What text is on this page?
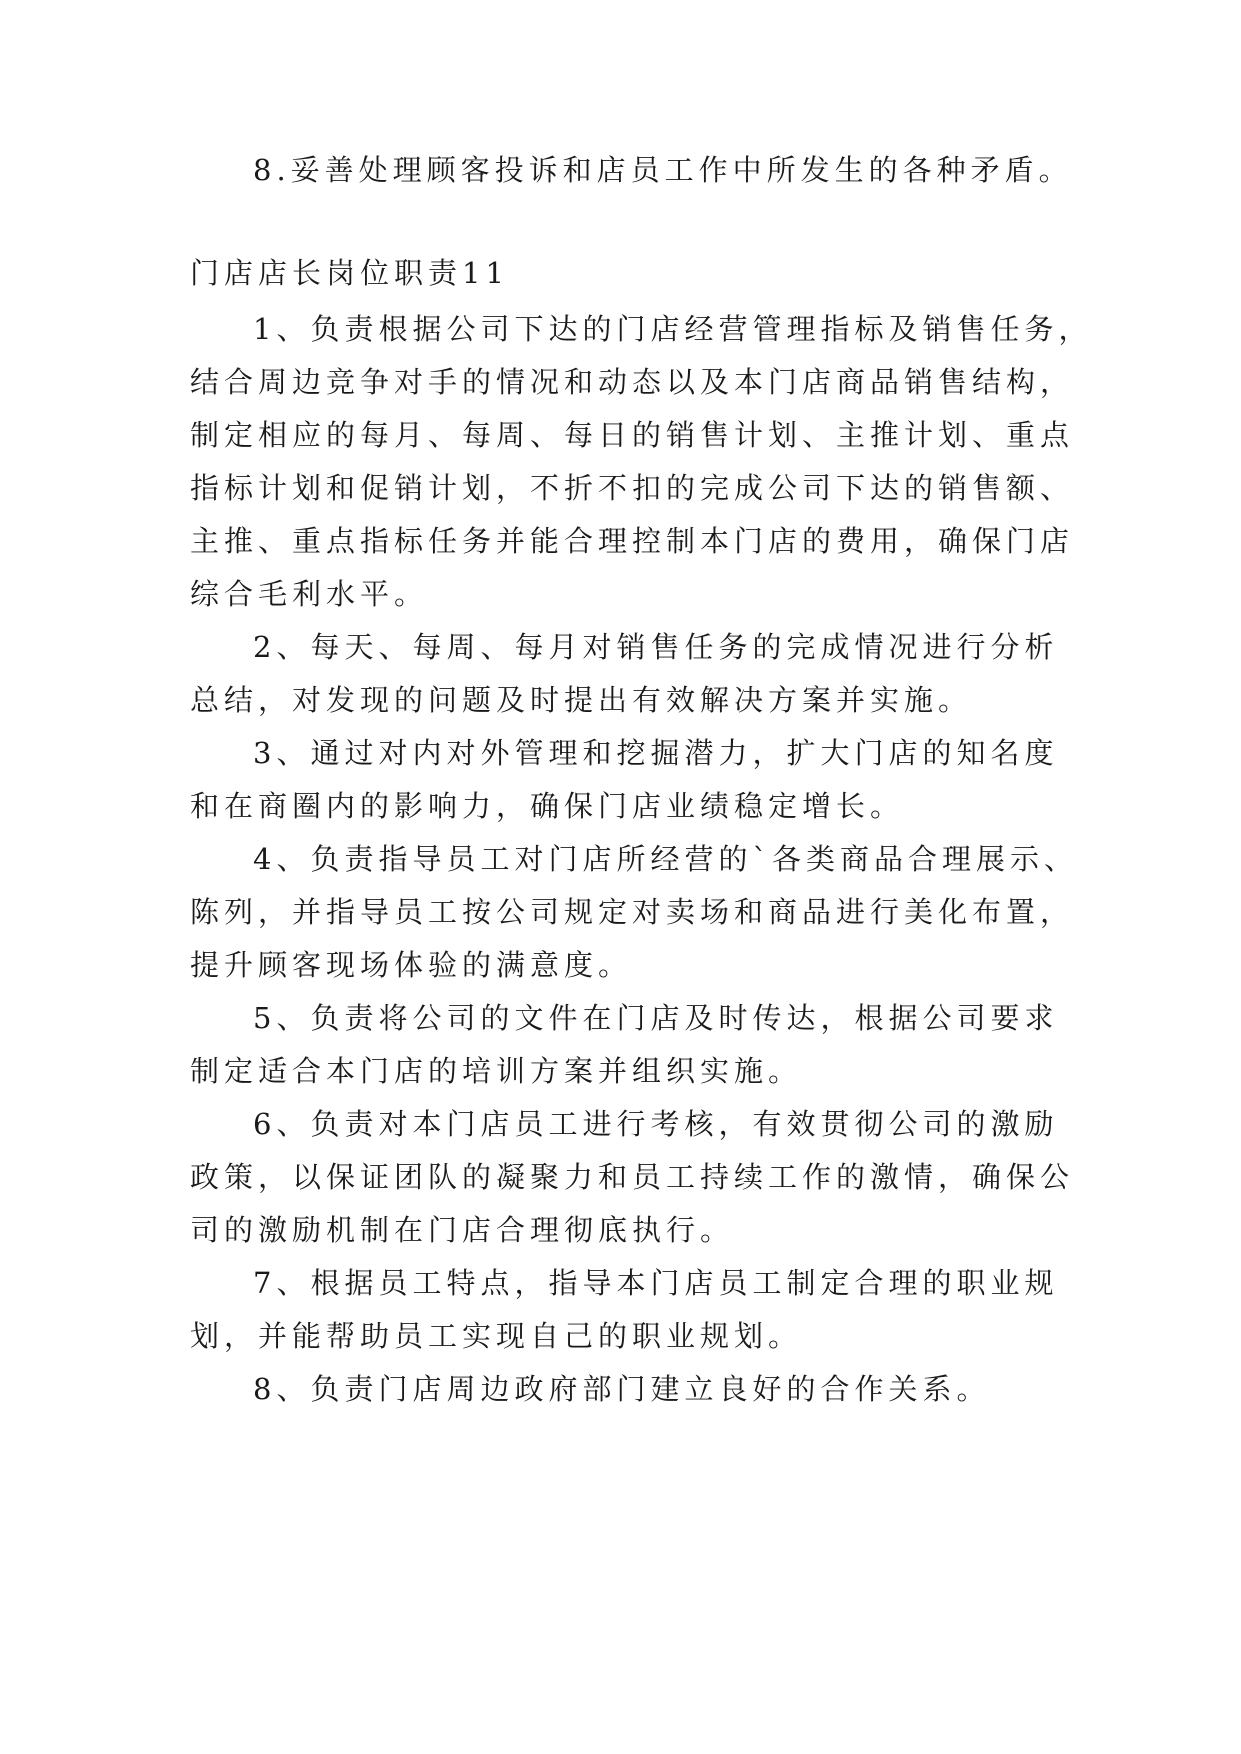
8.妥善处理顾客投诉和店员工作中所发生的各种矛盾。

门店店长岗位职责11

1、负责根据公司下达的门店经营管理指标及销售任务，

结合周边竞争对手的情况和动态以及本门店商品销售结构，

制定相应的每月、每周、每日的销售计划、主推计划、重点

指标计划和促销计划，不折不扣的完成公司下达的销售额、

主推、重点指标任务并能合理控制本门店的费用，确保门店

综合毛利水平。

2、每天、每周、每月对销售任务的完成情况进行分析

总结，对发现的问题及时提出有效解决方案并实施。

3、通过对内对外管理和挖掘潜力，扩大门店的知名度

和在商圈内的影响力，确保门店业绩稳定增长。

4、负责指导员工对门店所经营的`各类商品合理展示、

陈列，并指导员工按公司规定对卖场和商品进行美化布置，

提升顾客现场体验的满意度。

5、负责将公司的文件在门店及时传达，根据公司要求

制定适合本门店的培训方案并组织实施。

6、负责对本门店员工进行考核，有效贯彻公司的激励

政策，以保证团队的凝聚力和员工持续工作的激情，确保公

司的激励机制在门店合理彻底执行。

7、根据员工特点，指导本门店员工制定合理的职业规

划，并能帮助员工实现自己的职业规划。

8、负责门店周边政府部门建立良好的合作关系。
